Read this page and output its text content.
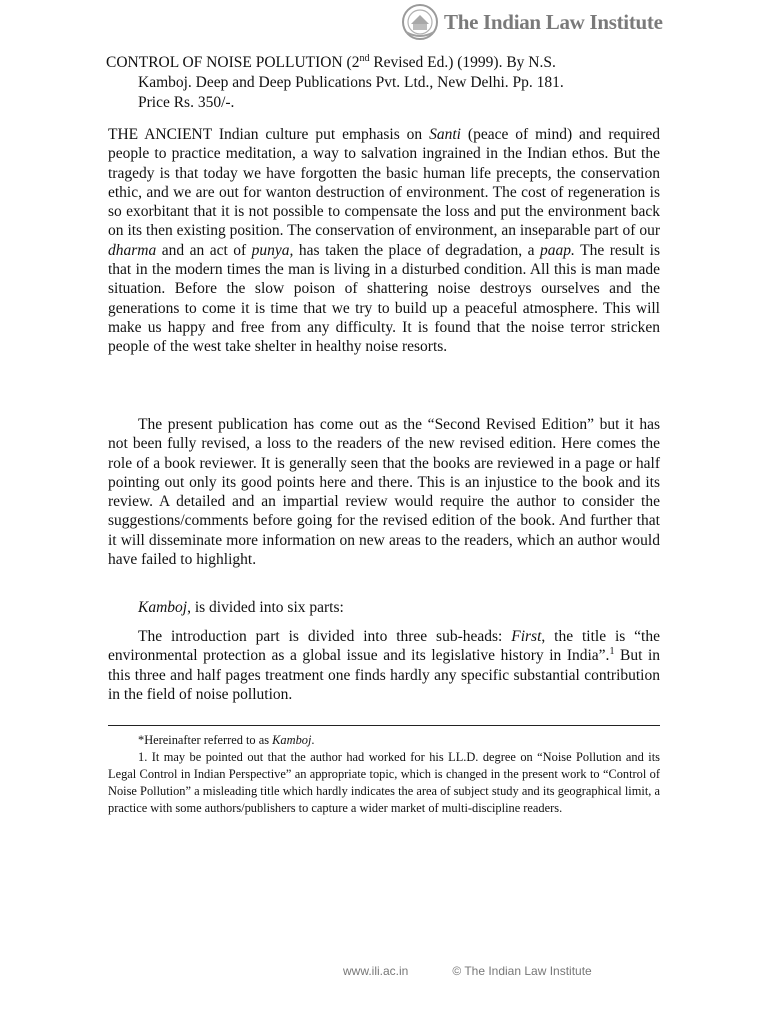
The Indian Law Institute
CONTROL OF NOISE POLLUTION (2nd Revised Ed.) (1999). By N.S.
Kamboj. Deep and Deep Publications Pvt. Ltd., New Delhi. Pp. 181.
Price Rs. 350/-.

THE ANCIENT Indian culture put emphasis on Santi (peace of mind) and required people to practice meditation, a way to salvation ingrained in the Indian ethos. But the tragedy is that today we have forgotten the basic human life precepts, the conservation ethic, and we are out for wanton destruction of environment. The cost of regeneration is so exorbitant that it is not possible to compensate the loss and put the environment back on its then existing position. The conservation of environment, an inseparable part of our dharma and an act of punya, has taken the place of degradation, a paap. The result is that in the modern times the man is living in a disturbed condition. All this is man made situation. Before the slow poison of shattering noise destroys ourselves and the generations to come it is time that we try to build up a peaceful atmosphere. This will make us happy and free from any difficulty. It is found that the noise terror stricken people of the west take shelter in healthy noise resorts.

The present publication has come out as the “Second Revised Edition” but it has not been fully revised, a loss to the readers of the new revised edition. Here comes the role of a book reviewer. It is generally seen that the books are reviewed in a page or half pointing out only its good points here and there. This is an injustice to the book and its review. A detailed and an impartial review would require the author to consider the suggestions/comments before going for the revised edition of the book. And further that it will disseminate more information on new areas to the readers, which an author would have failed to highlight.

Kamboj, is divided into six parts:

The introduction part is divided into three sub-heads: First, the title is “the environmental protection as a global issue and its legislative history in India”.$^1$ But in this three and half pages treatment one finds hardly any specific substantial contribution in the field of noise pollution.

*Hereinafter referred to as Kamboj.

1. It may be pointed out that the author had worked for his LL.D. degree on “Noise Pollution and its Legal Control in Indian Perspective” an appropriate topic, which is changed in the present work to “Control of Noise Pollution” a misleading title which hardly indicates the area of subject study and its geographical limit, a practice with some authors/publishers to capture a wider market of multi-discipline readers.

www.ili.ac.in	© The Indian Law Institute
